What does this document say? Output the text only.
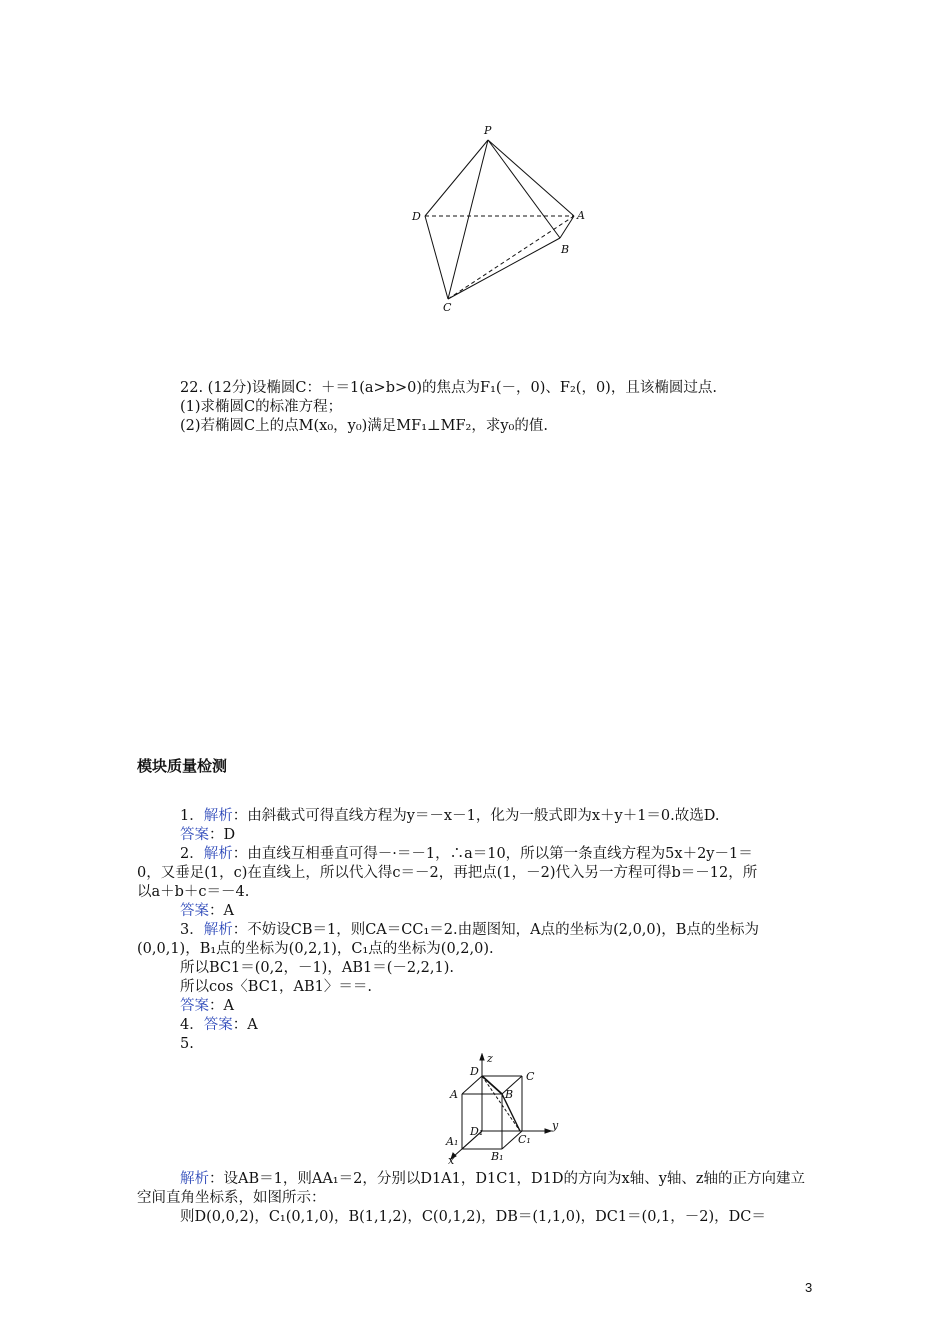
P
D	A
B
C
22. (12分)设椭圆C：＋＝1(a>b>0)的焦点为F₁(－，0)、F₂(，0)，且该椭圆过点.
(1)求椭圆C的标准方程；
(2)若椭圆C上的点M(x₀，y₀)满足MF₁⊥MF₂，求y₀的值.
模块质量检测
1．解析：由斜截式可得直线方程为y＝－x－1，化为一般式即为x＋y＋1＝0.故选D.
答案：D
2．解析：由直线互相垂直可得－·＝－1，∴a＝10，所以第一条直线方程为5x＋2y－1＝
0，又垂足(1，c)在直线上，所以代入得c＝－2，再把点(1，－2)代入另一方程可得b＝－12，所
以a＋b＋c＝－4.
答案：A
3．解析：不妨设CB＝1，则CA＝CC₁＝2.由题图知，A点的坐标为(2,0,0)，B点的坐标为
(0,0,1)，B₁点的坐标为(0,2,1)，C₁点的坐标为(0,2,0).
所以BC1＝(0,2，－1)，AB1＝(－2,2,1).
所以cos〈BC1，AB1〉＝＝.
答案：A
4．答案：A
5.
z
y
x
D	C
A	B
D₁
C₁
A₁
B₁
解析：设AB＝1，则AA₁＝2，分别以D1A1，D1C1，D1D的方向为x轴、y轴、z轴的正方向建立
空间直角坐标系，如图所示：
则D(0,0,2)，C₁(0,1,0)，B(1,1,2)，C(0,1,2)，DB＝(1,1,0)，DC1＝(0,1，－2)，DC＝
3
